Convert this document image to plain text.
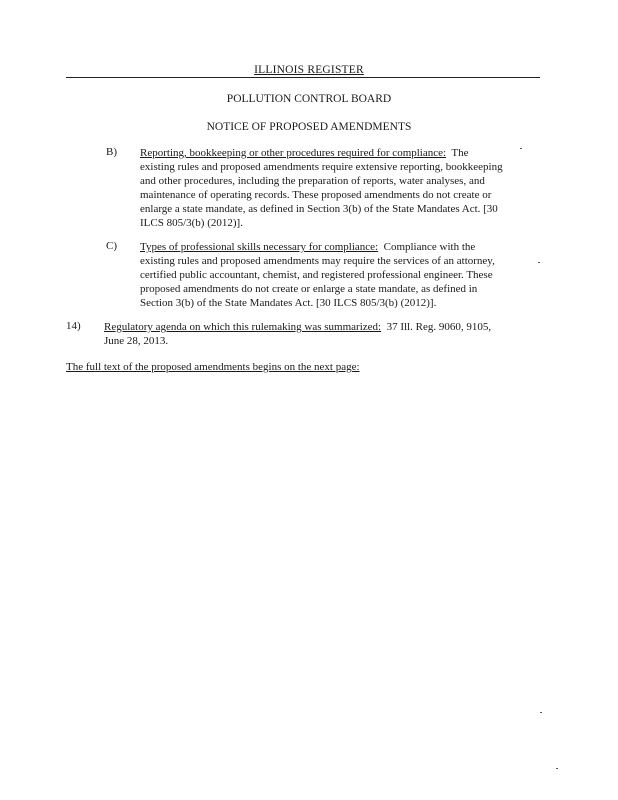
ILLINOIS REGISTER
POLLUTION CONTROL BOARD
NOTICE OF PROPOSED AMENDMENTS
B) Reporting, bookkeeping or other procedures required for compliance: The

existing rules and proposed amendments require extensive reporting, bookkeeping

and other procedures, including the preparation of reports, water analyses, and

maintenance of operating records. These proposed amendments do not create or

enlarge a state mandate, as defined in Section 3(b) of the State Mandates Act. [30

ILCS 805/3(b) (2012)].

C) Types of professional skills necessary for compliance: Compliance with the

existing rules and proposed amendments may require the services of an attorney,

certified public accountant, chemist, and registered professional engineer. These

proposed amendments do not create or enlarge a state mandate, as defined in

Section 3(b) of the State Mandates Act. [30 ILCS 805/3(b) (2012)].

14) Regulatory agenda on which this rulemaking was summarized: 37 Ill. Reg. 9060, 9105,

June 28, 2013.

The full text of the proposed amendments begins on the next page:
